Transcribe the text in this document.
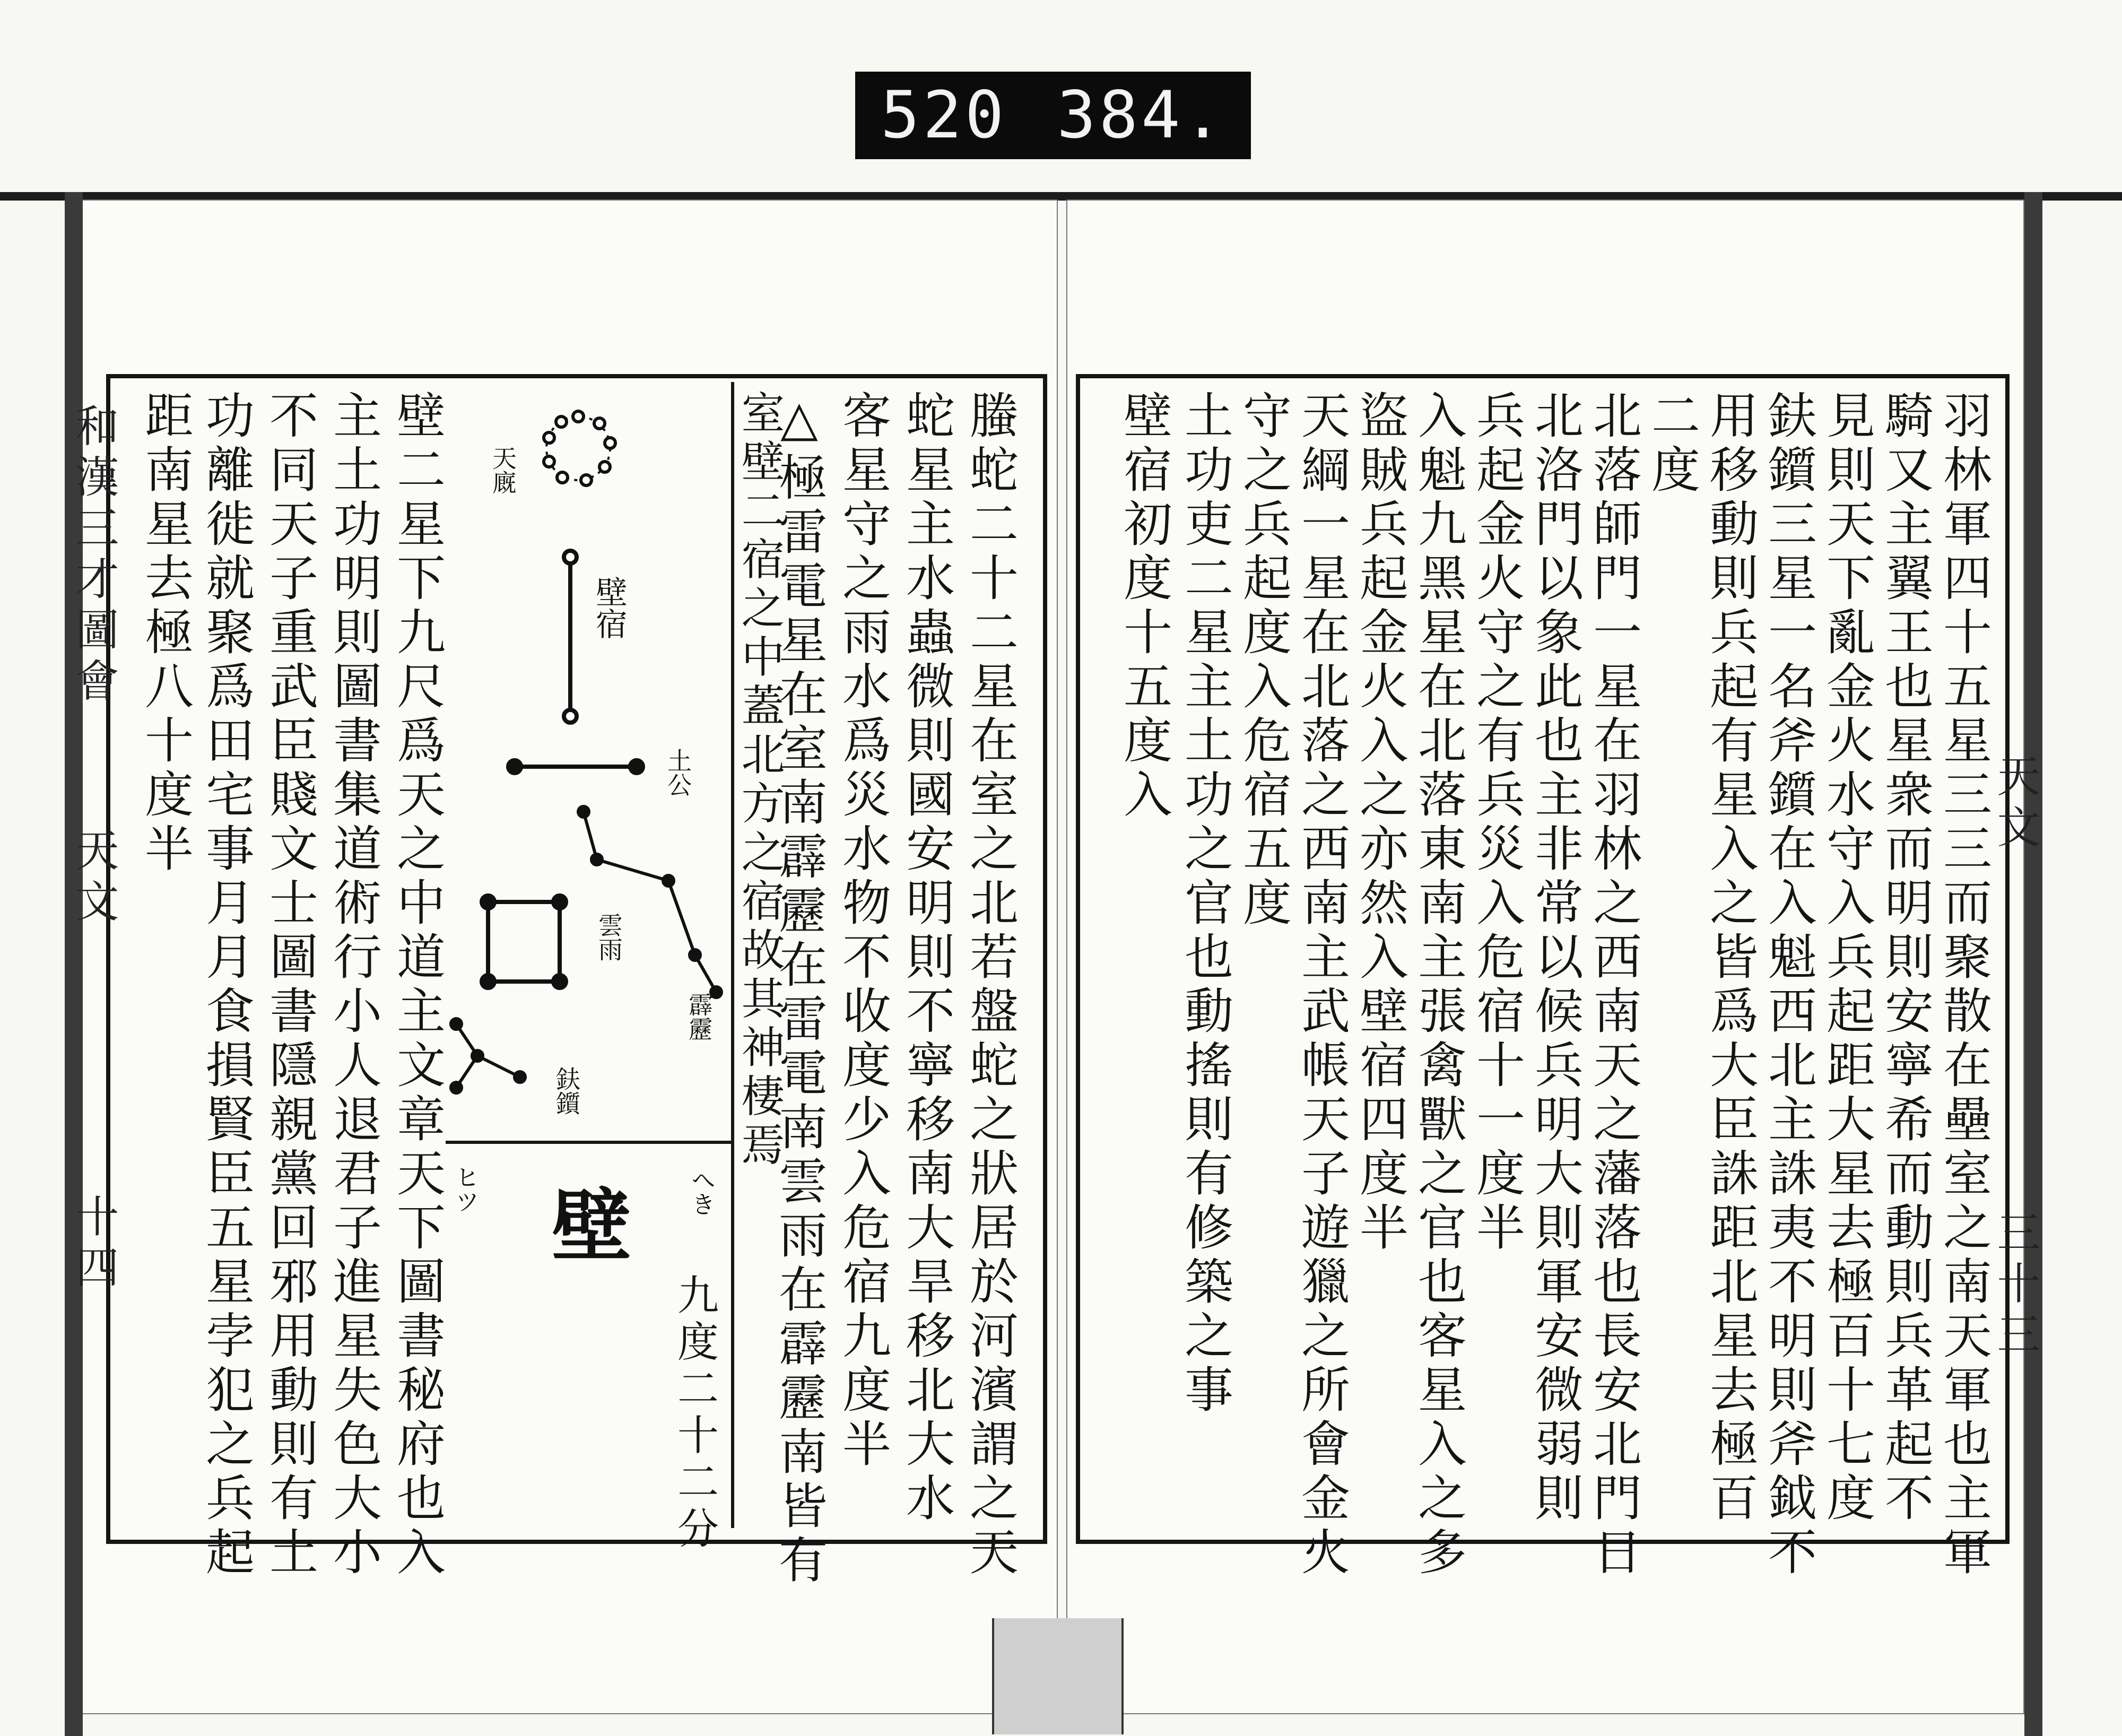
520 384.
和漢三才圖會
天文
十四	螣蛇二十二星在室之北若盤蛇之狀居於河濱謂之天
蛇星主水蟲微則國安明則不寧移南大旱移北大水
客星守之雨水爲災水物不收度少入危宿九度半
△極雷電星在室南霹靂在雷電南雲雨在霹靂南皆有
室壁二宿之中蓋北方之宿故其神棲焉
天廐
壁宿
土公
雲雨
霹靂
鈇鑕
壁
ヒツ	へき
九度二十二分
壁二星下九尺爲天之中道主文章天下圖書秘府也入
主土功明則圖書集道術行小人退君子進星失色大小
不同天子重武臣賤文士圖書隱親黨回邪用動則有土
功離徙就聚爲田宅事月月食損賢臣五星孛犯之兵起
距南星去極八十度半	天文
三十三
羽林軍四十五星三三而聚散在壘室之南天軍也主軍
騎又主翼王也星衆而明則安寧希而動則兵革起不
見則天下亂金火水守入兵起距大星去極百十七度
鈇鑕三星一名斧鑕在入魁西北主誅夷不明則斧鉞不
用移動則兵起有星入之皆爲大臣誅距北星去極百
二度
北落師門一星在羽林之西南天之藩落也長安北門日
北洛門以象此也主非常以候兵明大則軍安微弱則
兵起金火守之有兵災入危宿十一度半
入魁九黑星在北落東南主張禽獸之官也客星入之多
盜賊兵起金火入之亦然入壁宿四度半
天綱一星在北落之西南主武帳天子遊獵之所會金火
守之兵起度入危宿五度
土功吏二星主土功之官也動搖則有修築之事
壁宿初度十五度入
